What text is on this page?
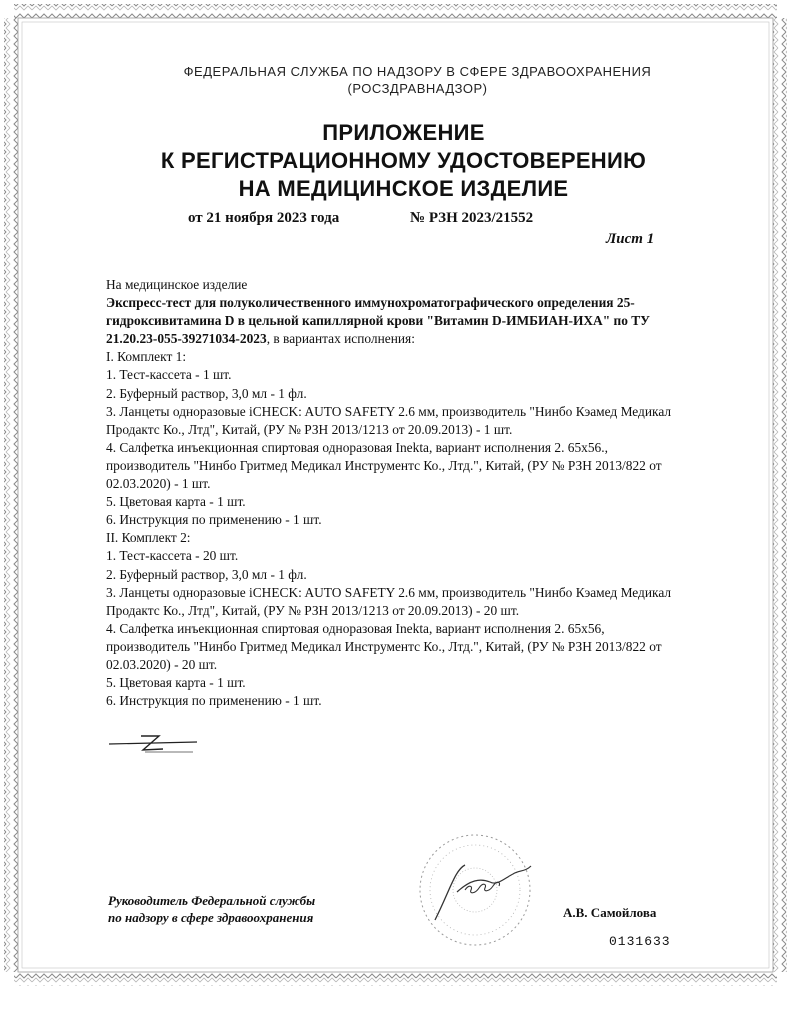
ФЕДЕРАЛЬНАЯ СЛУЖБА ПО НАДЗОРУ В СФЕРЕ ЗДРАВООХРАНЕНИЯ
(РОСЗДРАВНАДЗОР)
ПРИЛОЖЕНИЕ
К РЕГИСТРАЦИОННОМУ УДОСТОВЕРЕНИЮ
НА МЕДИЦИНСКОЕ ИЗДЕЛИЕ
от 21 ноября 2023 года	№ РЗН 2023/21552
Лист 1

На медицинское изделие

Экспресс-тест для полуколичественного иммунохроматографического определения 25-гидроксивитамина D в цельной капиллярной крови "Витамин D-ИМБИАН-ИХА" по ТУ 21.20.23-055-39271034-2023, в вариантах исполнения:

I. Комплект 1:

1. Тест-кассета - 1 шт.

2. Буферный раствор, 3,0 мл - 1 фл.

3. Ланцеты одноразовые iCHECK: AUTO SAFETY 2.6 мм, производитель "Нинбо Кэамед Медикал Продактс Ко., Лтд", Китай, (РУ № РЗН 2013/1213 от 20.09.2013) - 1 шт.

4. Салфетка инъекционная спиртовая одноразовая Inekta, вариант исполнения 2. 65x56., производитель "Нинбо Гритмед Медикал Инструментс Ко., Лтд.", Китай, (РУ № РЗН 2013/822 от 02.03.2020) - 1 шт.

5. Цветовая карта - 1 шт.

6. Инструкция по применению - 1 шт.

II. Комплект 2:

1. Тест-кассета - 20 шт.

2. Буферный раствор, 3,0 мл - 1 фл.

3. Ланцеты одноразовые iCHECK: AUTO SAFETY 2.6 мм, производитель "Нинбо Кэамед Медикал Продактс Ко., Лтд", Китай, (РУ № РЗН 2013/1213 от 20.09.2013) - 20 шт.

4. Салфетка инъекционная спиртовая одноразовая Inekta, вариант исполнения 2. 65x56, производитель "Нинбо Гритмед Медикал Инструментс Ко., Лтд.", Китай, (РУ № РЗН 2013/822 от 02.03.2020) - 20 шт.

5. Цветовая карта - 1 шт.

6. Инструкция по применению - 1 шт.

Руководитель Федеральной службы
по надзору в сфере здравоохранения	А.В. Самойлова
0131633
